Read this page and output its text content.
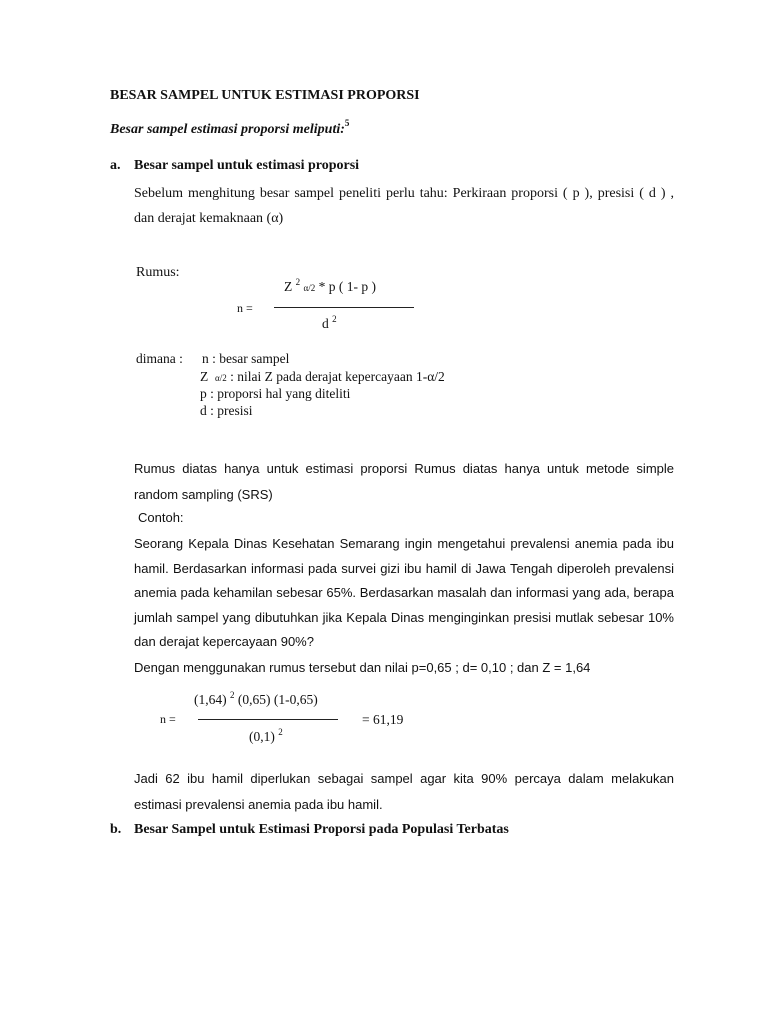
BESAR SAMPEL UNTUK ESTIMASI PROPORSI
Besar sampel estimasi proporsi meliputi:$^5$
a. Besar sampel untuk estimasi proporsi
Sebelum menghitung besar sampel peneliti perlu tahu: Perkiraan proporsi ( p ), presisi ( d ) , dan derajat kemaknaan (α)
Rumus:
Z $^2$ α/2 * p ( 1- p )
n =
d $^2$
dimana : n : besar sampel
Z α/2 : nilai Z pada derajat kepercayaan 1-α/2
p : proporsi hal yang diteliti
d : presisi
Rumus diatas hanya untuk estimasi proporsi Rumus diatas hanya untuk metode simple random sampling (SRS)
Contoh:
Seorang Kepala Dinas Kesehatan Semarang ingin mengetahui prevalensi anemia pada ibu hamil. Berdasarkan informasi pada survei gizi ibu hamil di Jawa Tengah diperoleh prevalensi anemia pada kehamilan sebesar 65%. Berdasarkan masalah dan informasi yang ada, berapa jumlah sampel yang dibutuhkan jika Kepala Dinas menginginkan presisi mutlak sebesar 10% dan derajat kepercayaan 90%?
Dengan menggunakan rumus tersebut dan nilai p=0,65 ; d= 0,10 ; dan Z = 1,64
(1,64) $^2$ (0,65) (1-0,65)
n =	= 61,19
(0,1) $^2$
Jadi 62 ibu hamil diperlukan sebagai sampel agar kita 90% percaya dalam melakukan estimasi prevalensi anemia pada ibu hamil.
b. Besar Sampel untuk Estimasi Proporsi pada Populasi Terbatas
